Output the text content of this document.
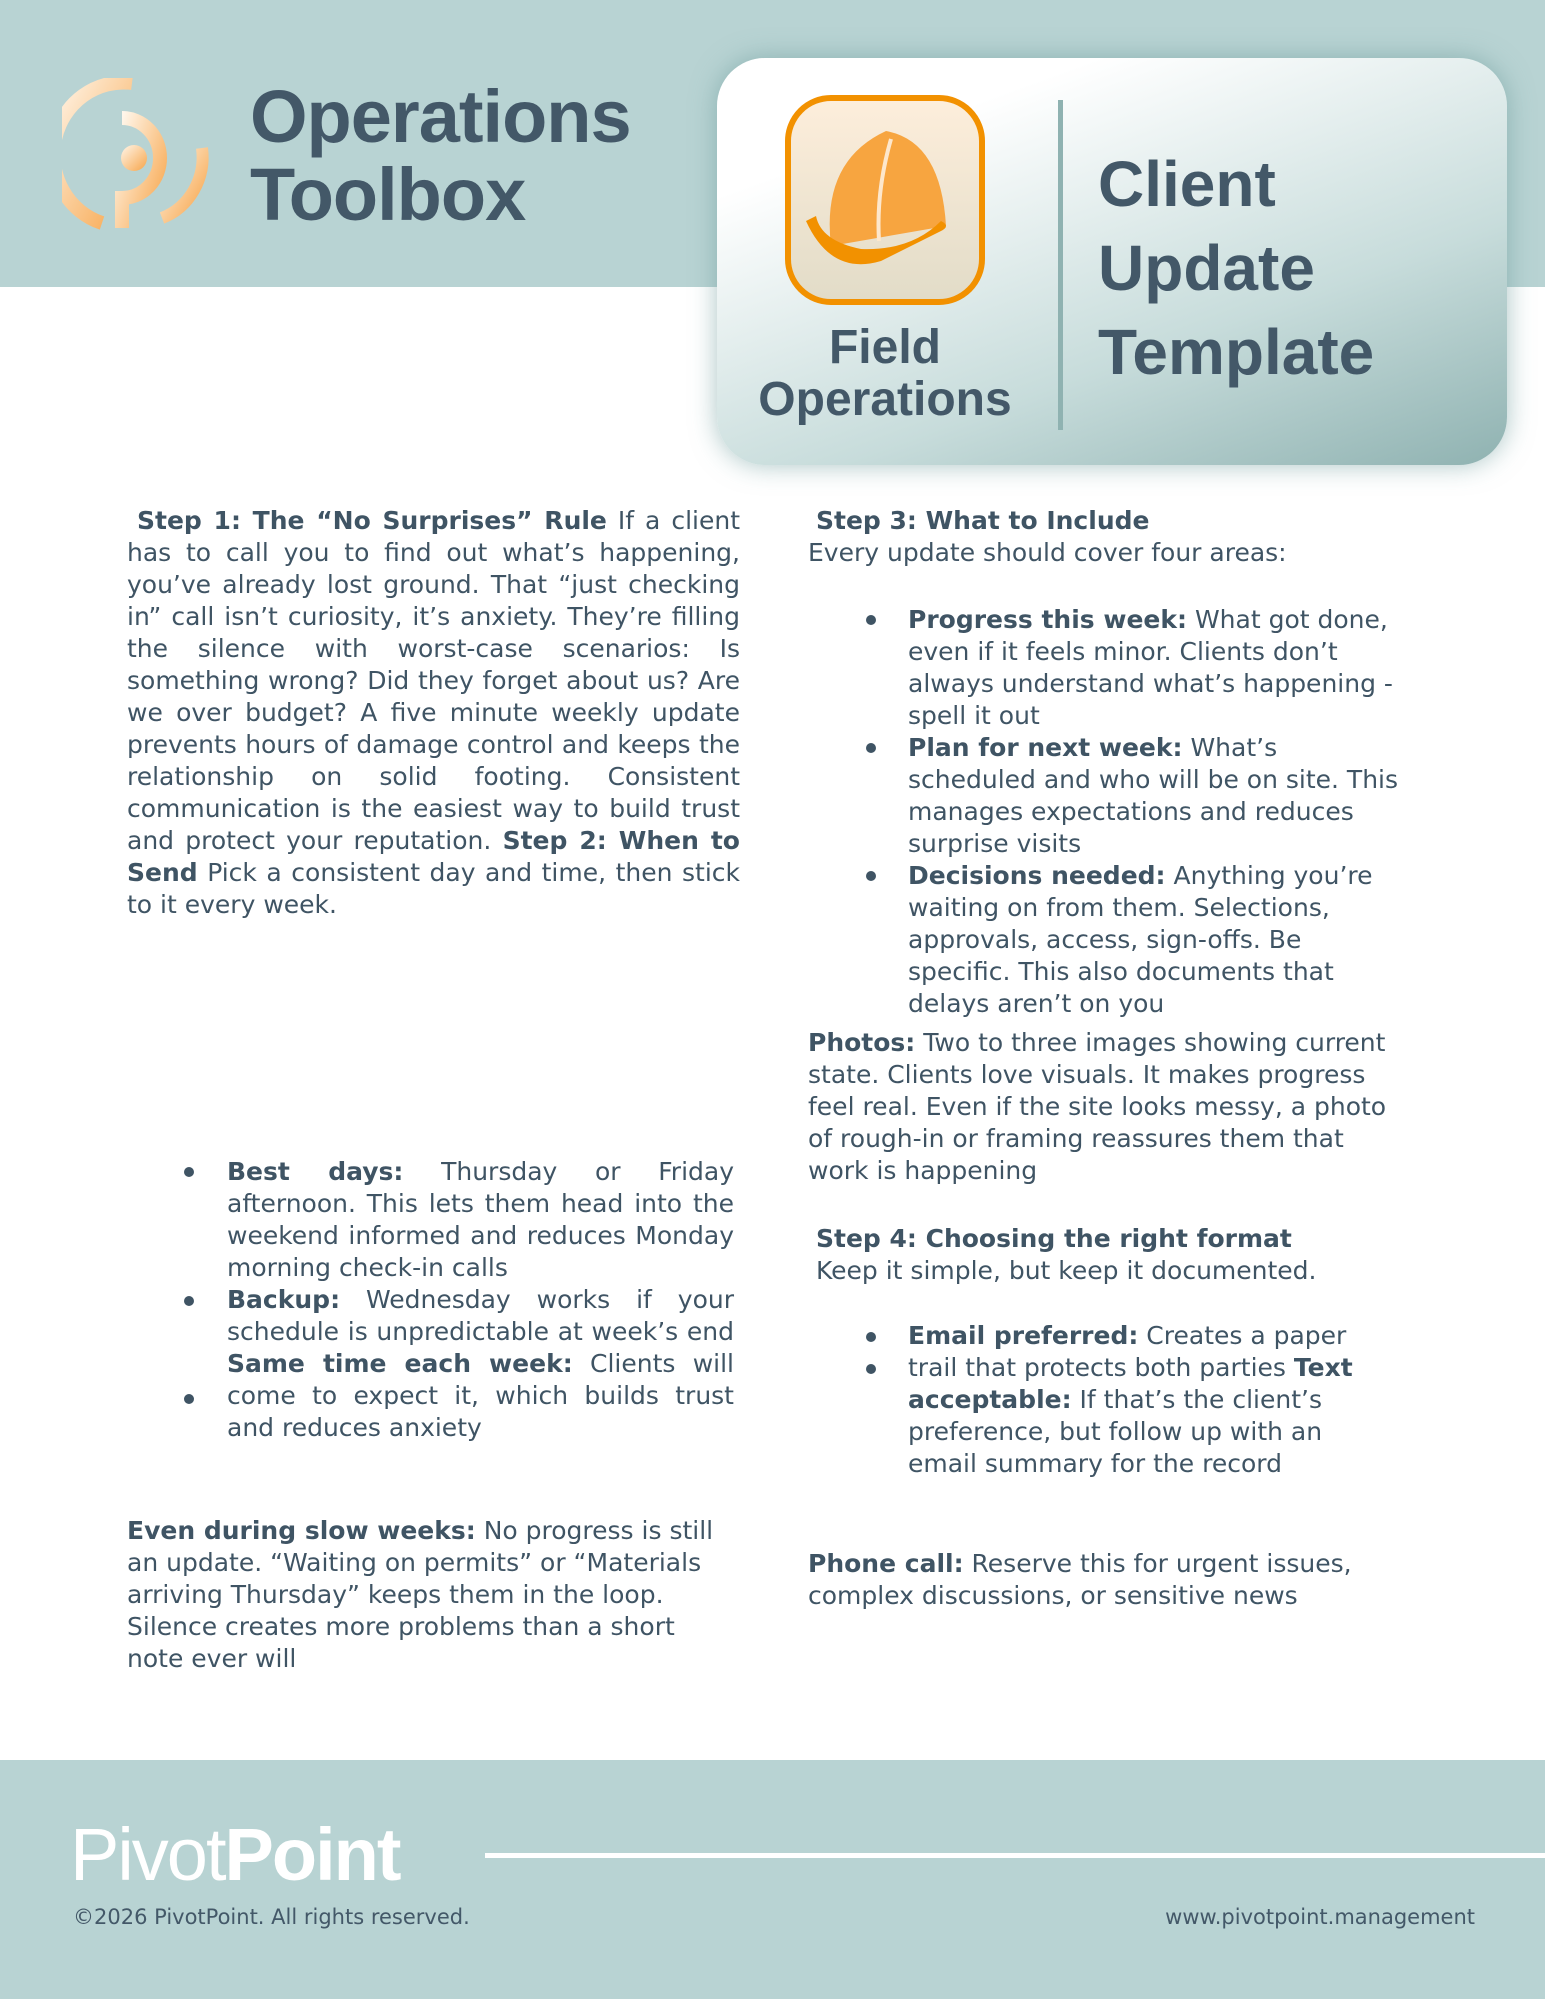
Operations
Toolbox
Field
Operations
Client
Update
Template
Step 1: The “No Surprises” Rule If a client has to call you to find out what’s happening, you’ve already lost ground. That “just checking in” call isn’t curiosity, it’s anxiety. They’re filling the silence with worst-case scenarios: Is something wrong? Did they forget about us? Are we over budget? A five minute weekly update prevents hours of damage control and keeps the relationship on solid footing. Consistent communication is the easiest way to build trust and protect your reputation. Step 2: When to Send Pick a consistent day and time, then stick to it every week.
Best days: Thursday or Friday afternoon. This lets them head into the weekend informed and reduces Monday morning check-in calls
Backup: Wednesday works if your schedule is unpredictable at week’s end Same time each week: Clients will come to expect it, which builds trust and reduces anxiety
Even during slow weeks: No progress is still an update. “Waiting on permits” or “Materials arriving Thursday” keeps them in the loop. Silence creates more problems than a short note ever will
Step 3: What to Include
Every update should cover four areas:
Progress this week: What got done, even if it feels minor. Clients don’t always understand what’s happening - spell it out
Plan for next week: What’s scheduled and who will be on site. This manages expectations and reduces surprise visits
Decisions needed: Anything you’re waiting on from them. Selections, approvals, access, sign-offs. Be specific. This also documents that delays aren’t on you
Photos: Two to three images showing current state. Clients love visuals. It makes progress feel real. Even if the site looks messy, a photo of rough-in or framing reassures them that work is happening
Step 4: Choosing the right format
Keep it simple, but keep it documented.
Email preferred: Creates a paper trail that protects both parties Text acceptable: If that’s the client’s preference, but follow up with an email summary for the record
Phone call: Reserve this for urgent issues, complex discussions, or sensitive news
PivotPoint
©2026 PivotPoint. All rights reserved.	www.pivotpoint.management
